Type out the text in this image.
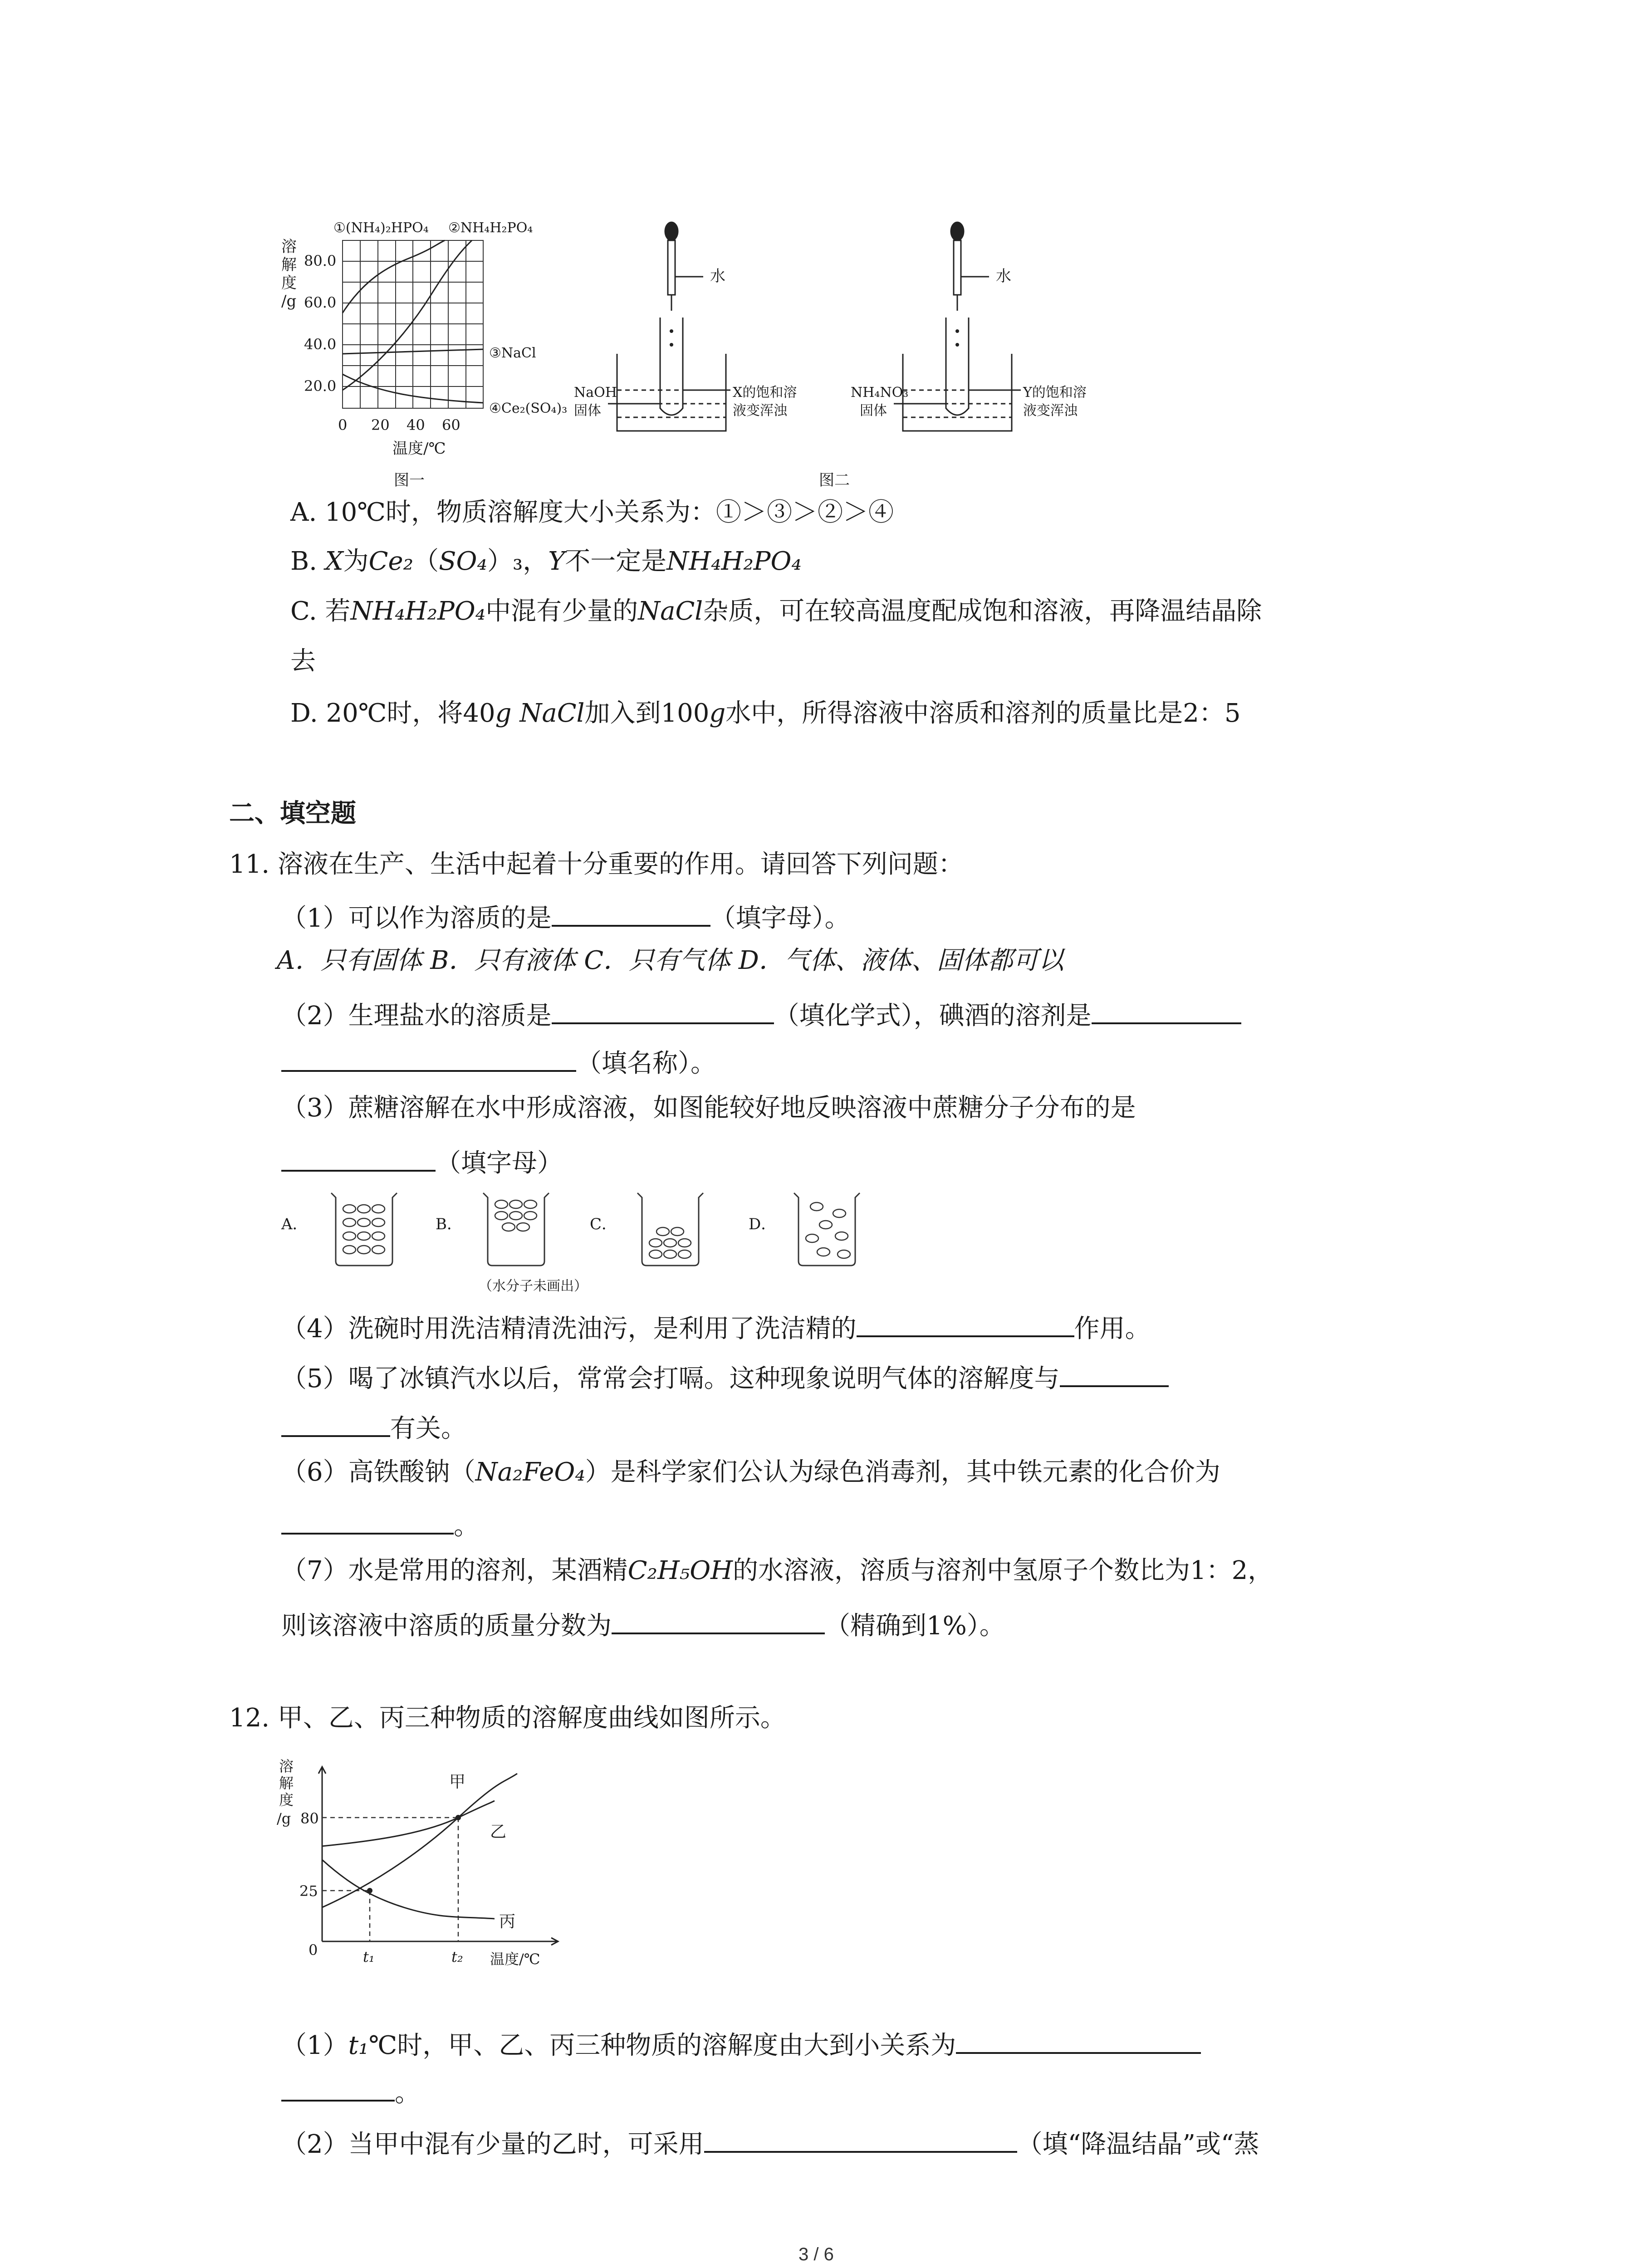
溶
解
度
/g
①(NH₄)₂HPO₄ ②NH₄H₂PO₄
80.0
60.0
40.0
20.0
0 20 40 60
温度/℃
③NaCl
④Ce₂(SO₄)₃
图一
水
NaOH
固体
X的饱和溶
液变浑浊
水
NH₄NO₃
固体
Y的饱和溶
液变浑浊
图二
A. 10℃时，物质溶解度大小关系为：①＞③＞②＞④
B. X为Ce₂（SO₄）₃，Y不一定是NH₄H₂PO₄
C. 若NH₄H₂PO₄中混有少量的NaCl杂质，可在较高温度配成饱和溶液，再降温结晶除
去
D. 20℃时，将40g NaCl加入到100g水中，所得溶液中溶质和溶剂的质量比是2：5
二、填空题
11. 溶液在生产、生活中起着十分重要的作用。请回答下列问题：
（1）可以作为溶质的是	（填字母）。
A．只有固体 B．只有液体 C．只有气体 D．气体、液体、固体都可以
（2）生理盐水的溶质是	（填化学式），碘酒的溶剂是
（填名称）。
（3）蔗糖溶解在水中形成溶液，如图能较好地反映溶液中蔗糖分子分布的是
（填字母）
A．	B．
（水分子未画出）
C．	D．
（4）洗碗时用洗洁精清洗油污，是利用了洗洁精的	作用。
（5）喝了冰镇汽水以后，常常会打嗝。这种现象说明气体的溶解度与
有关。
（6）高铁酸钠（Na₂FeO₄）是科学家们公认为绿色消毒剂，其中铁元素的化合价为
。
（7）水是常用的溶剂，某酒精C₂H₅OH的水溶液，溶质与溶剂中氢原子个数比为1：2，
则该溶液中溶质的质量分数为	（精确到1%）。
12. 甲、乙、丙三种物质的溶解度曲线如图所示。
溶
解
度
/g 80
25
0	t₁	t₂ 温度/℃
甲
乙
丙
（1）t₁℃时，甲、乙、丙三种物质的溶解度由大到小关系为
。
（2）当甲中混有少量的乙时，可采用	（填“降温结晶”或“蒸
3 / 6
